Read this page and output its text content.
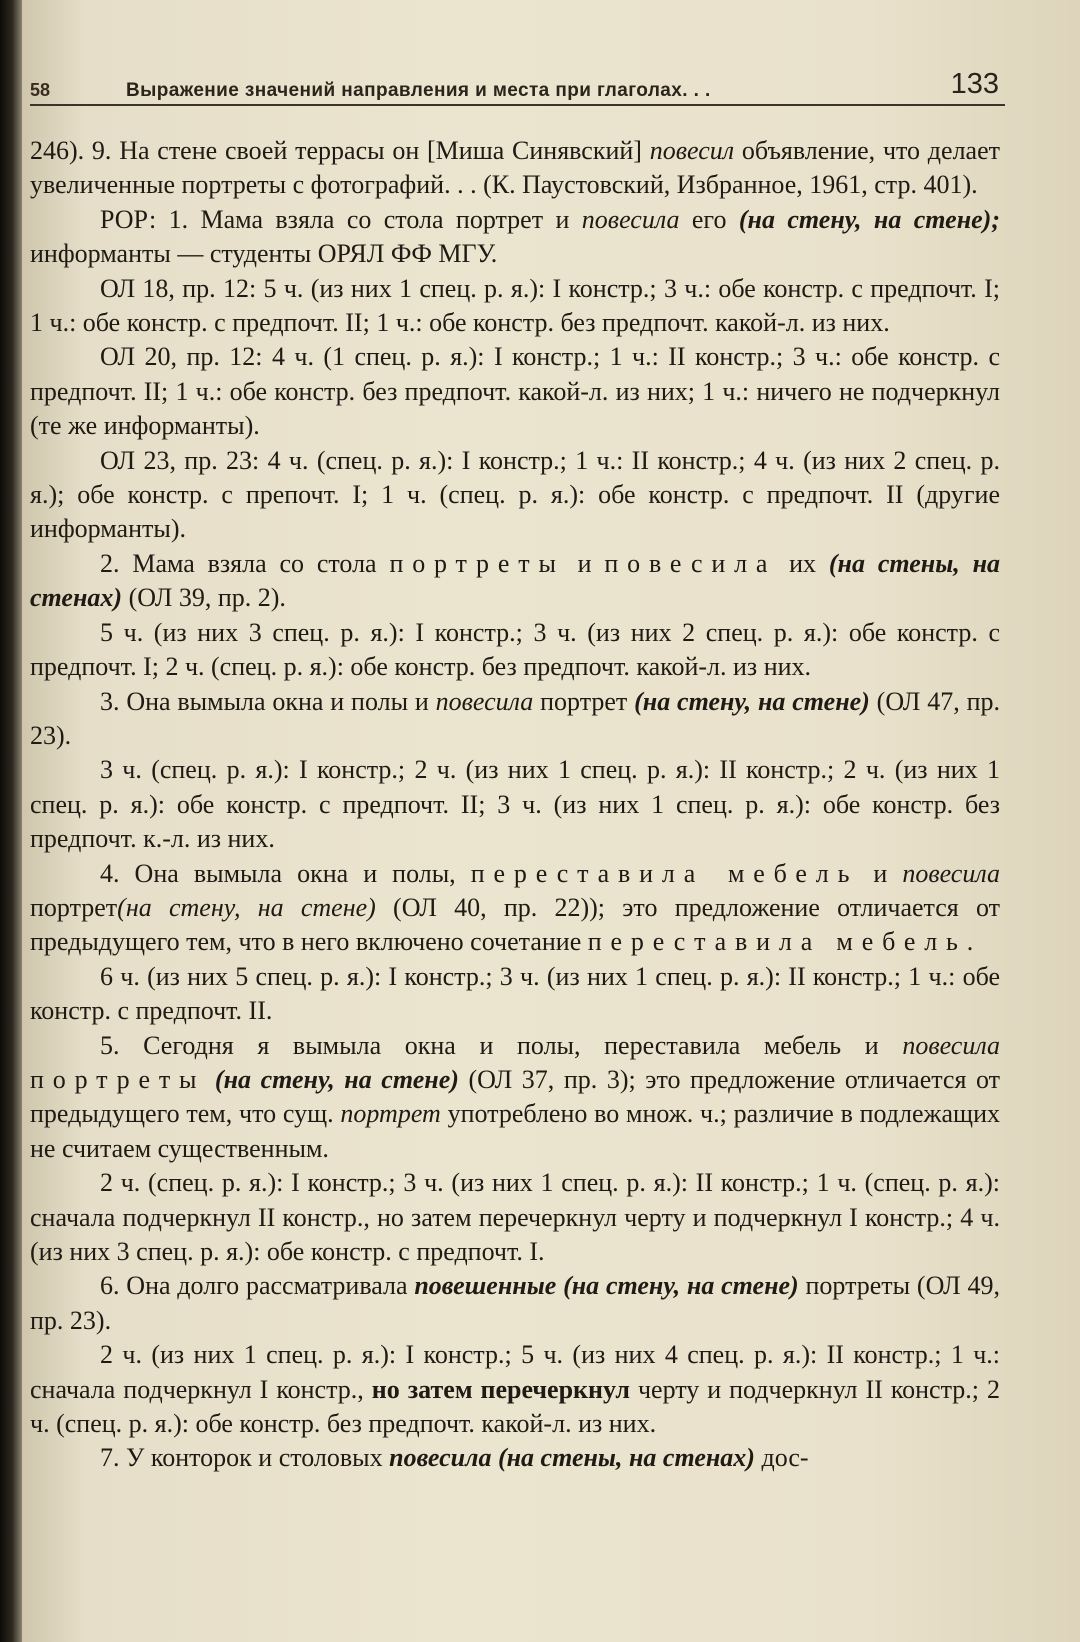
58	Выражение значений направления и места при глаголах. . .	133

246). 9. На стене своей террасы он [Миша Синявский] повесил объявление, что делает увеличенные портреты с фотографий. . . (К. Паустовский, Избранное, 1961, стр. 401).

РОР: 1. Мама взяла со стола портрет и повесила его (на стену, на стене); информанты — студенты ОРЯЛ ФФ МГУ.

ОЛ 18, пр. 12: 5 ч. (из них 1 спец. р. я.): I констр.; 3 ч.: обе констр. с предпочт. I; 1 ч.: обе констр. с предпочт. II; 1 ч.: обе констр. без предпочт. какой-л. из них.

ОЛ 20, пр. 12: 4 ч. (1 спец. р. я.): I констр.; 1 ч.: II констр.; 3 ч.: обе констр. с предпочт. II; 1 ч.: обе констр. без предпочт. какой-л. из них; 1 ч.: ничего не подчеркнул (те же информанты).

ОЛ 23, пр. 23: 4 ч. (спец. р. я.): I констр.; 1 ч.: II констр.; 4 ч. (из них 2 спец. р. я.); обе констр. с препочт. I; 1 ч. (спец. р. я.): обе констр. с предпочт. II (другие информанты).

2. Мама взяла со стола портреты и повесила их (на стены, на стенах) (ОЛ 39, пр. 2).

5 ч. (из них 3 спец. р. я.): I констр.; 3 ч. (из них 2 спец. р. я.): обе констр. с предпочт. I; 2 ч. (спец. р. я.): обе констр. без предпочт. какой-л. из них.

3. Она вымыла окна и полы и повесила портрет (на стену, на стене) (ОЛ 47, пр. 23).

3 ч. (спец. р. я.): I констр.; 2 ч. (из них 1 спец. р. я.): II констр.; 2 ч. (из них 1 спец. р. я.): обе констр. с предпочт. II; 3 ч. (из них 1 спец. р. я.): обе констр. без предпочт. к.-л. из них.

4. Она вымыла окна и полы, переставила мебель и повесила портрет(на стену, на стене) (ОЛ 40, пр. 22)); это предложение отличается от предыдущего тем, что в него включено сочетание переставила мебель.

6 ч. (из них 5 спец. р. я.): I констр.; 3 ч. (из них 1 спец. р. я.): II констр.; 1 ч.: обе констр. с предпочт. II.

5. Сегодня я вымыла окна и полы, переставила мебель и повесила портреты (на стену, на стене) (ОЛ 37, пр. 3); это предложение отличается от предыдущего тем, что сущ. портрет употреблено во множ. ч.; различие в подлежащих не считаем существенным.

2 ч. (спец. р. я.): I констр.; 3 ч. (из них 1 спец. р. я.): II констр.; 1 ч. (спец. р. я.): сначала подчеркнул II констр., но затем перечеркнул черту и подчеркнул I констр.; 4 ч. (из них 3 спец. р. я.): обе констр. с предпочт. I.

6. Она долго рассматривала повешенные (на стену, на стене) портреты (ОЛ 49, пр. 23).

2 ч. (из них 1 спец. р. я.): I констр.; 5 ч. (из них 4 спец. р. я.): II констр.; 1 ч.: сначала подчеркнул I констр., но затем перечеркнул черту и подчеркнул II констр.; 2 ч. (спец. р. я.): обе констр. без предпочт. какой-л. из них.

7. У конторок и столовых повесила (на стены, на стенах) дос-
